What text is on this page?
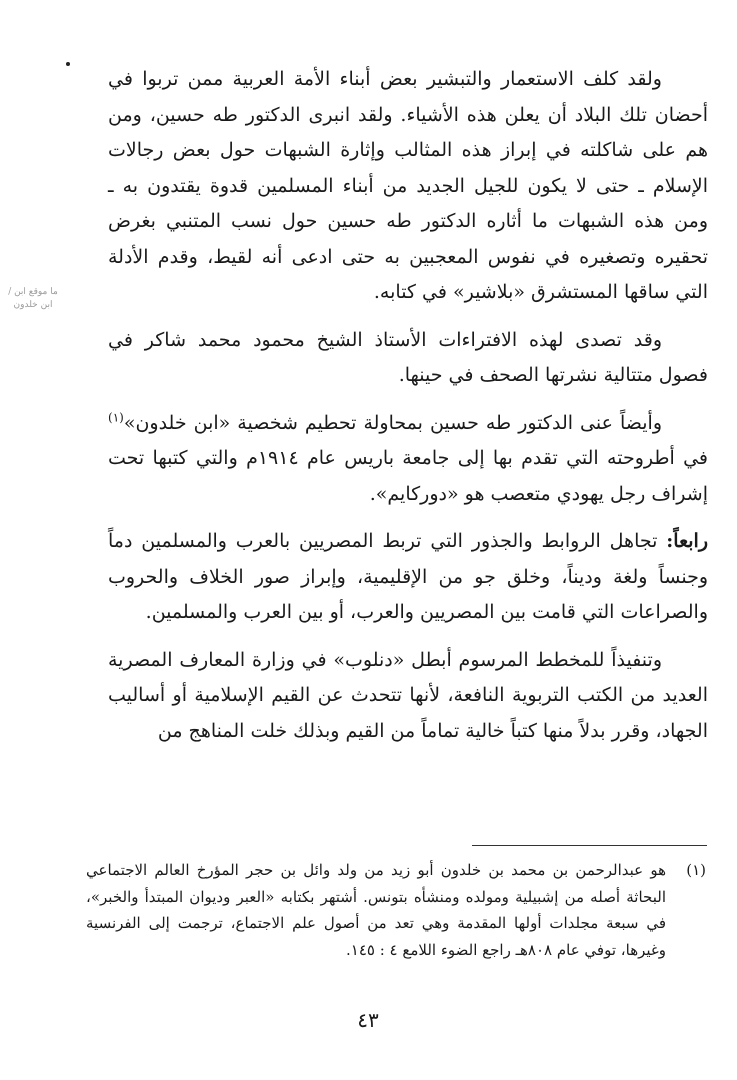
ما موقع ابن / ابن خلدون

ولقد كلف الاستعمار والتبشير بعض أبناء الأمة العربية ممن تربوا في أحضان تلك البلاد أن يعلن هذه الأشياء. ولقد انبرى الدكتور طه حسين، ومن هم على شاكلته في إبراز هذه المثالب وإثارة الشبهات حول بعض رجالات الإسلام ـ حتى لا يكون للجيل الجديد من أبناء المسلمين قدوة يقتدون به ـ ومن هذه الشبهات ما أثاره الدكتور طه حسين حول نسب المتنبي بغرض تحقيره وتصغيره في نفوس المعجبين به حتى ادعى أنه لقيط، وقدم الأدلة التي ساقها المستشرق «بلاشير» في كتابه.

وقد تصدى لهذه الافتراءات الأستاذ الشيخ محمود محمد شاكر في فصول متتالية نشرتها الصحف في حينها.

وأيضاً عنى الدكتور طه حسين بمحاولة تحطيم شخصية «ابن خلدون»$^{(١)}$ في أطروحته التي تقدم بها إلى جامعة باريس عام ١٩١٤م والتي كتبها تحت إشراف رجل يهودي متعصب هو «دوركايم».

رابعاً: تجاهل الروابط والجذور التي تربط المصريين بالعرب والمسلمين دماً وجنساً ولغة وديناً، وخلق جو من الإقليمية، وإبراز صور الخلاف والحروب والصراعات التي قامت بين المصريين والعرب، أو بين العرب والمسلمين.

وتنفيذاً للمخطط المرسوم أبطل «دنلوب» في وزارة المعارف المصرية العديد من الكتب التربوية النافعة، لأنها تتحدث عن القيم الإسلامية أو أساليب الجهاد، وقرر بدلاً منها كتباً خالية تماماً من القيم وبذلك خلت المناهج من

(١)
هو عبدالرحمن بن محمد بن خلدون أبو زيد من ولد وائل بن حجر المؤرخ العالم الاجتماعي البحاثة أصله من إشبيلية ومولده ومنشأه بتونس. أشتهر بكتابه «العبر وديوان المبتدأ والخبر»، في سبعة مجلدات أولها المقدمة وهي تعد من أصول علم الاجتماع، ترجمت إلى الفرنسية وغيرها، توفي عام ٨٠٨هـ راجع الضوء اللامع ٤ : ١٤٥.
٤٣
